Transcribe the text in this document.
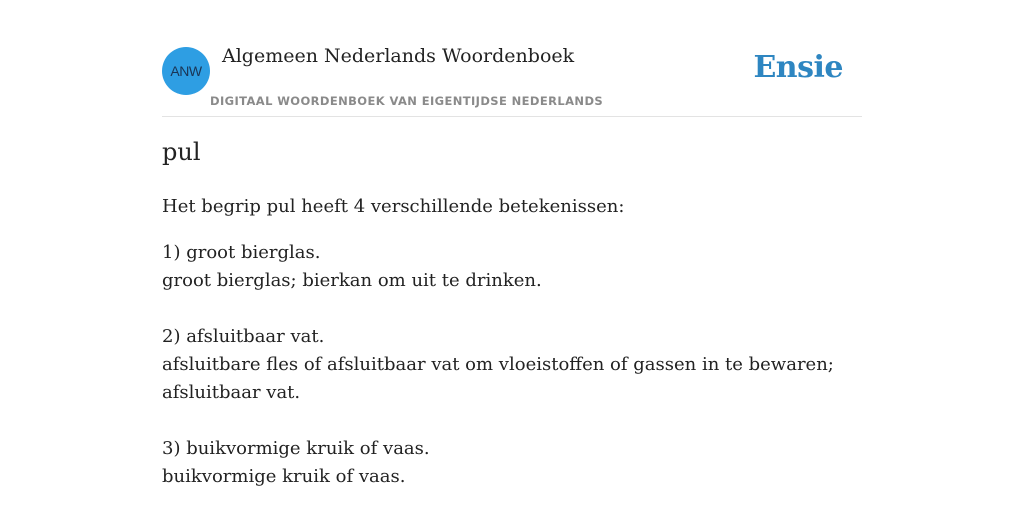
ANW
Algemeen Nederlands Woordenboek
DIGITAAL WOORDENBOEK VAN EIGENTIJDSE NEDERLANDS
Ensie
pul
Het begrip pul heeft 4 verschillende betekenissen:
1) groot bierglas.
groot bierglas; bierkan om uit te drinken.
2) afsluitbaar vat.
afsluitbare fles of afsluitbaar vat om vloeistoffen of gassen in te bewaren;
afsluitbaar vat.
3) buikvormige kruik of vaas.
buikvormige kruik of vaas.
